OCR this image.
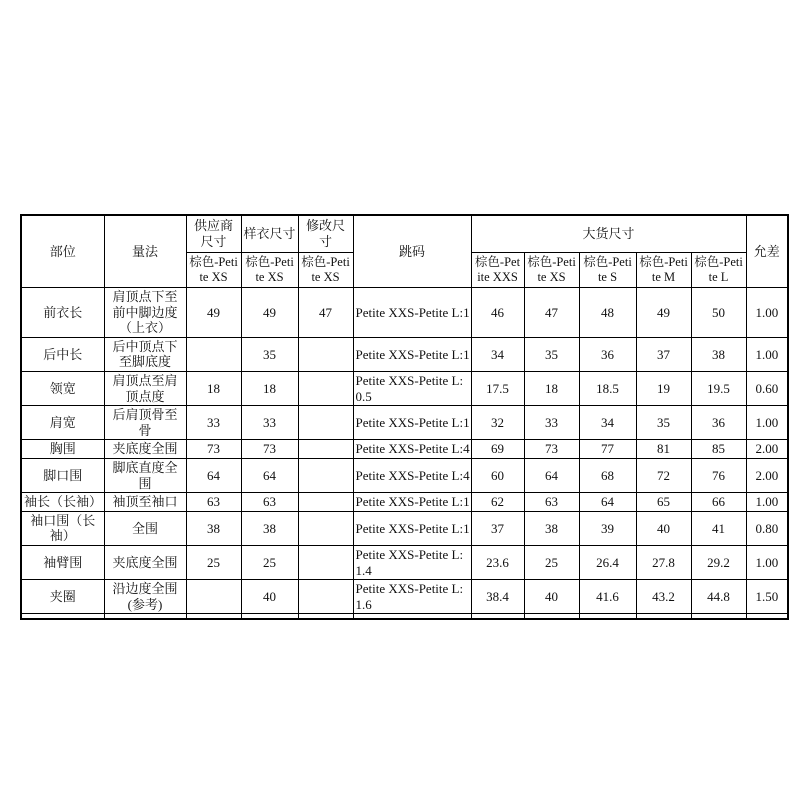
部位	量法	供应商尺寸	样衣尺寸	修改尺寸	跳码	大货尺寸					允差
		棕色-Petite XS	棕色-Petite XS	棕色-Petite XS		棕色-Petite XXS	棕色-Petite XS	棕色-Petite S	棕色-Petite M	棕色-Petite L	
前衣长	肩顶点下至前中脚边度（上衣）	49	49	47	Petite XXS-Petite L:1	46	47	48	49	50	1.00
后中长	后中顶点下至脚底度		35		Petite XXS-Petite L:1	34	35	36	37	38	1.00
领宽	肩顶点至肩顶点度	18	18		Petite XXS-Petite L:0.5	17.5	18	18.5	19	19.5	0.60
肩宽	后肩顶骨至骨	33	33		Petite XXS-Petite L:1	32	33	34	35	36	1.00
胸围	夹底度全围	73	73		Petite XXS-Petite L:4	69	73	77	81	85	2.00
脚口围	脚底直度全围	64	64		Petite XXS-Petite L:4	60	64	68	72	76	2.00
袖长（长袖）	袖顶至袖口	63	63		Petite XXS-Petite L:1	62	63	64	65	66	1.00
袖口围（长袖）	全围	38	38		Petite XXS-Petite L:1	37	38	39	40	41	0.80
袖臂围	夹底度全围	25	25		Petite XXS-Petite L:1.4	23.6	25	26.4	27.8	29.2	1.00
夹圈	沿边度全围(参考)		40		Petite XXS-Petite L:1.6	38.4	40	41.6	43.2	44.8	1.50
